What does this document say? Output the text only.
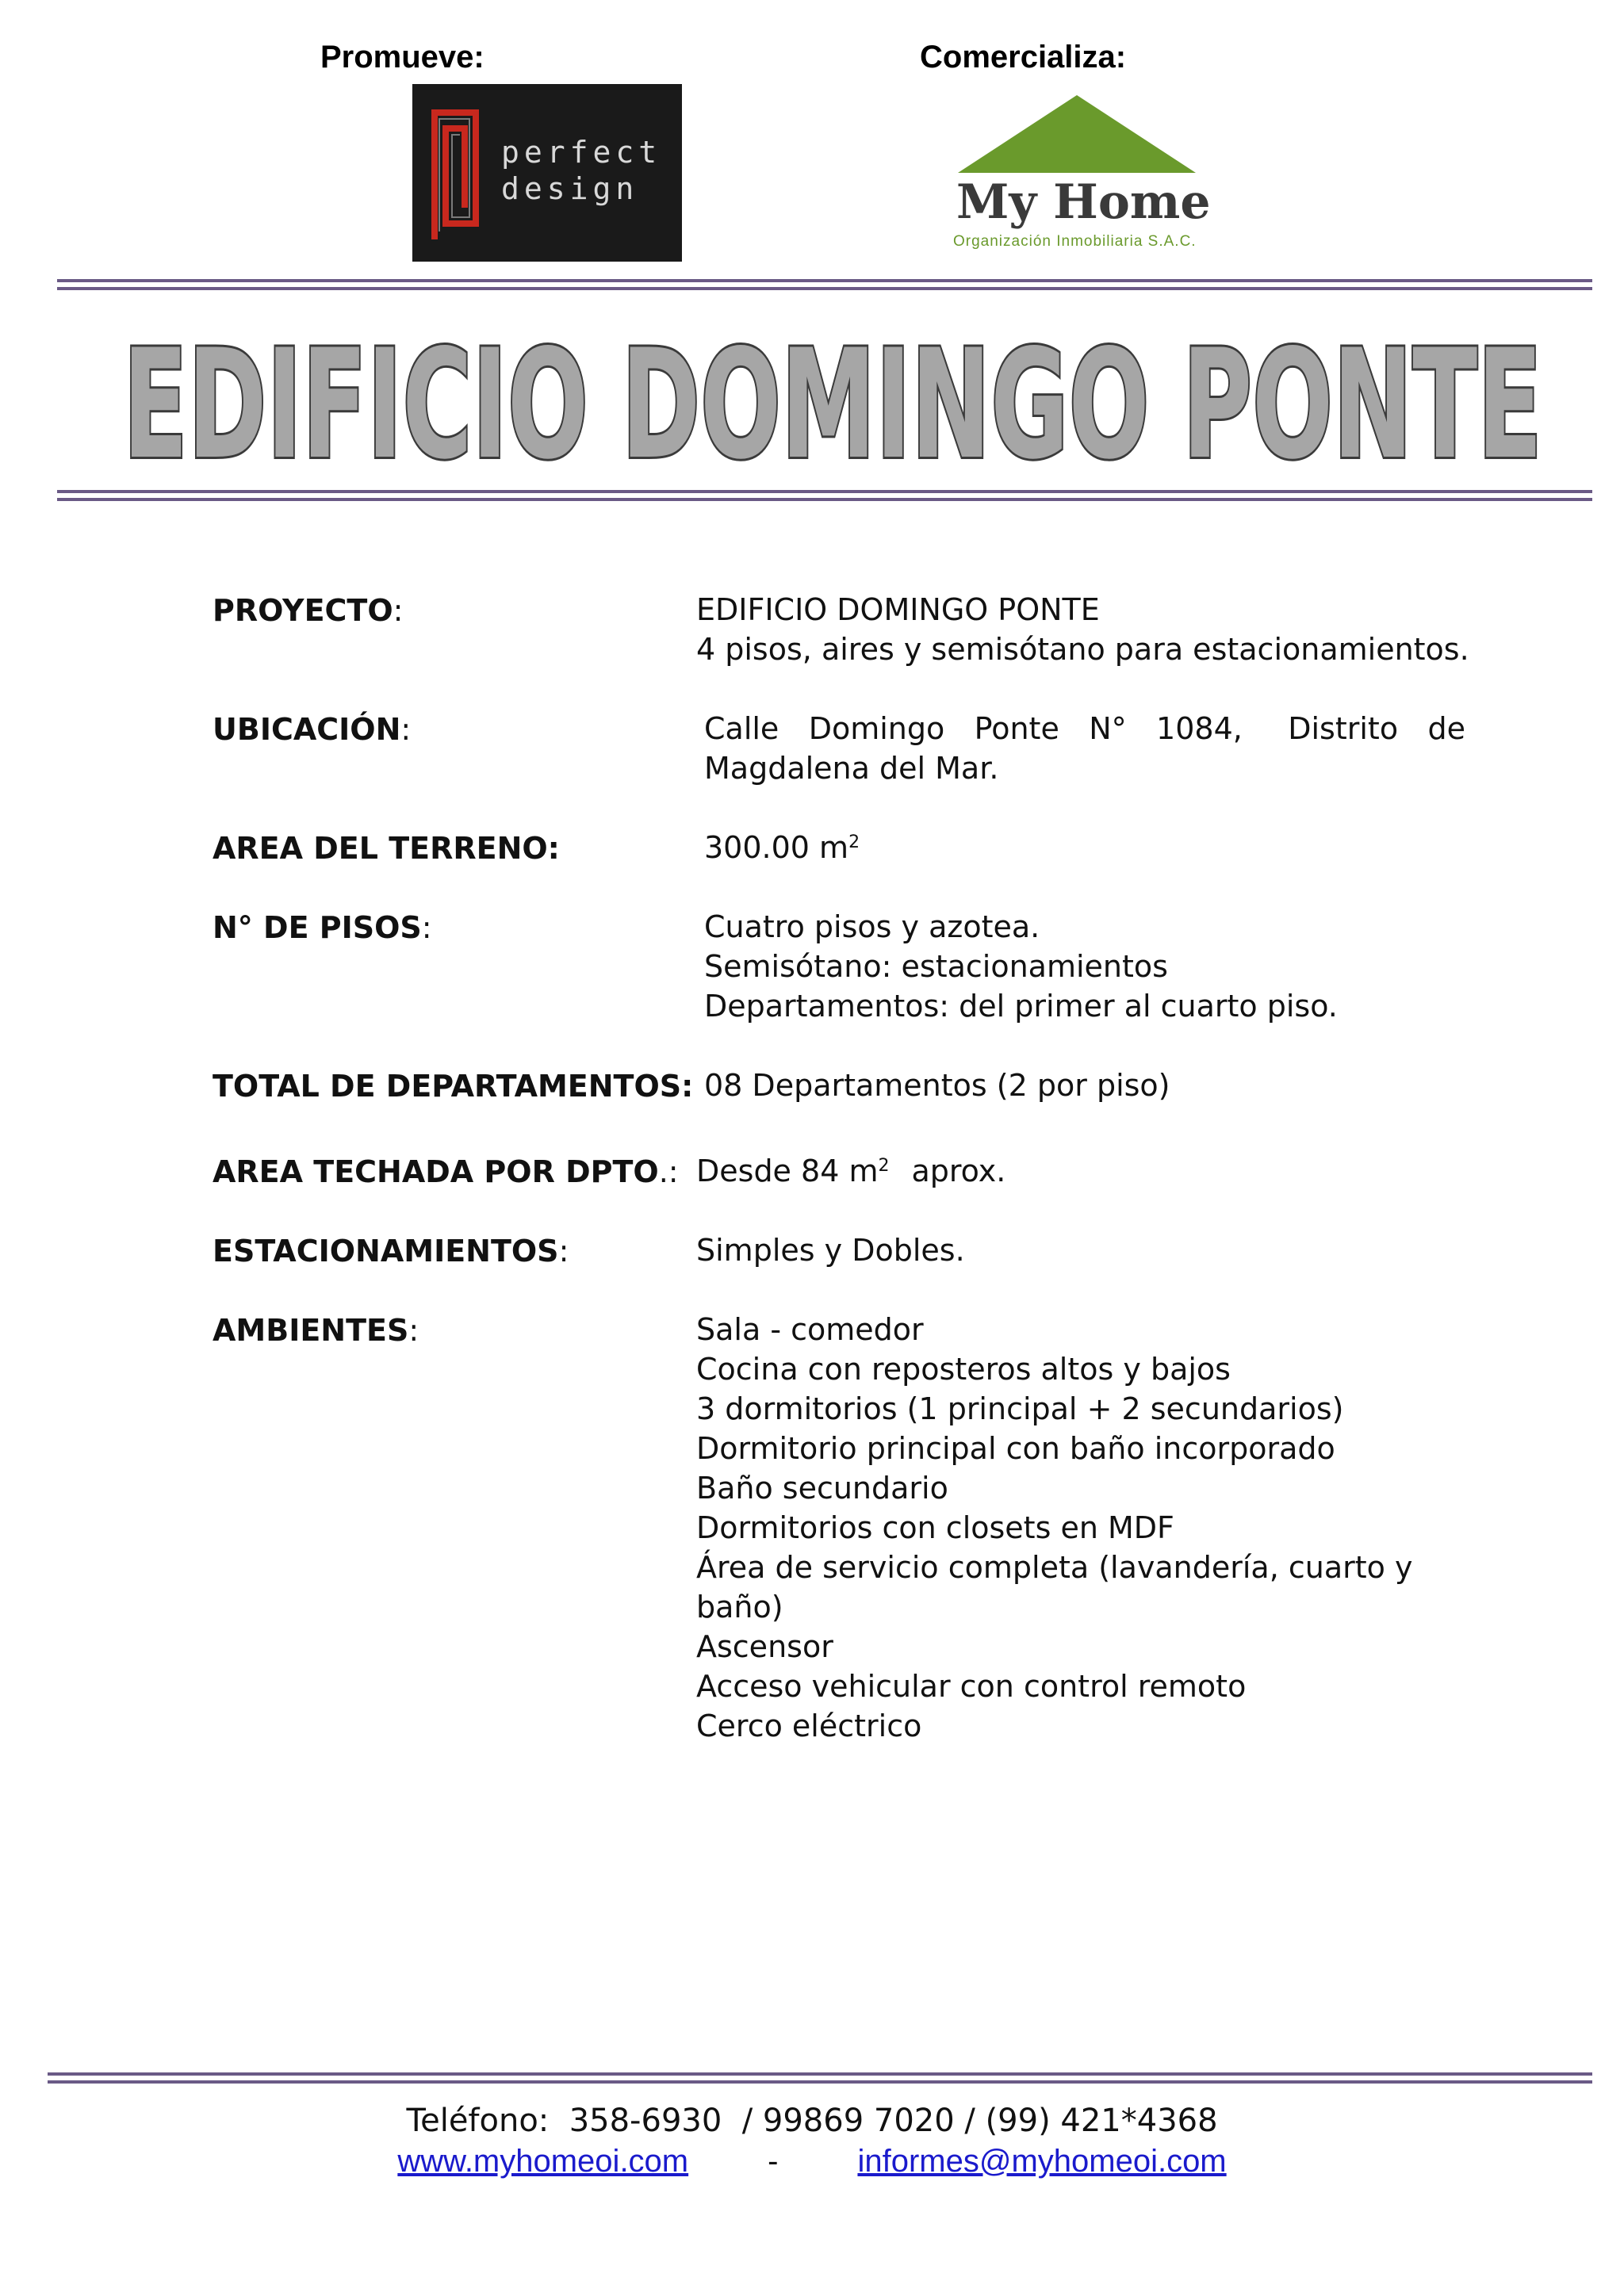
Promueve:	Comercializa:
perfect
design	My Home
Organización Inmobiliaria S.A.C.
EDIFICIO DOMINGO PONTE
PROYECTO:	EDIFICIO DOMINGO PONTE
4 pisos, aires y semisótano para estacionamientos.
UBICACIÓN:	Calle Domingo Ponte N° 1084, Distrito de
Magdalena del Mar.
AREA DEL TERRENO:	300.00 $m^2$
N° DE PISOS:	Cuatro pisos y azotea.
Semisótano: estacionamientos
Departamentos: del primer al cuarto piso.
TOTAL DE DEPARTAMENTOS: 08 Departamentos (2 por piso)
AREA TECHADA POR DPTO.: Desde 84 $m^2$ aprox.
ESTACIONAMIENTOS:	Simples y Dobles.
AMBIENTES:	Sala - comedor
Cocina con reposteros altos y bajos
3 dormitorios (1 principal + 2 secundarios)
Dormitorio principal con baño incorporado
Baño secundario
Dormitorios con closets en MDF
Área de servicio completa (lavandería, cuarto y
baño)
Ascensor
Acceso vehicular con control remoto
Cerco eléctrico
Teléfono:  358-6930  / 99869 7020 / (99) 421*4368
www.myhomeoi.com	-	informes@myhomeoi.com
